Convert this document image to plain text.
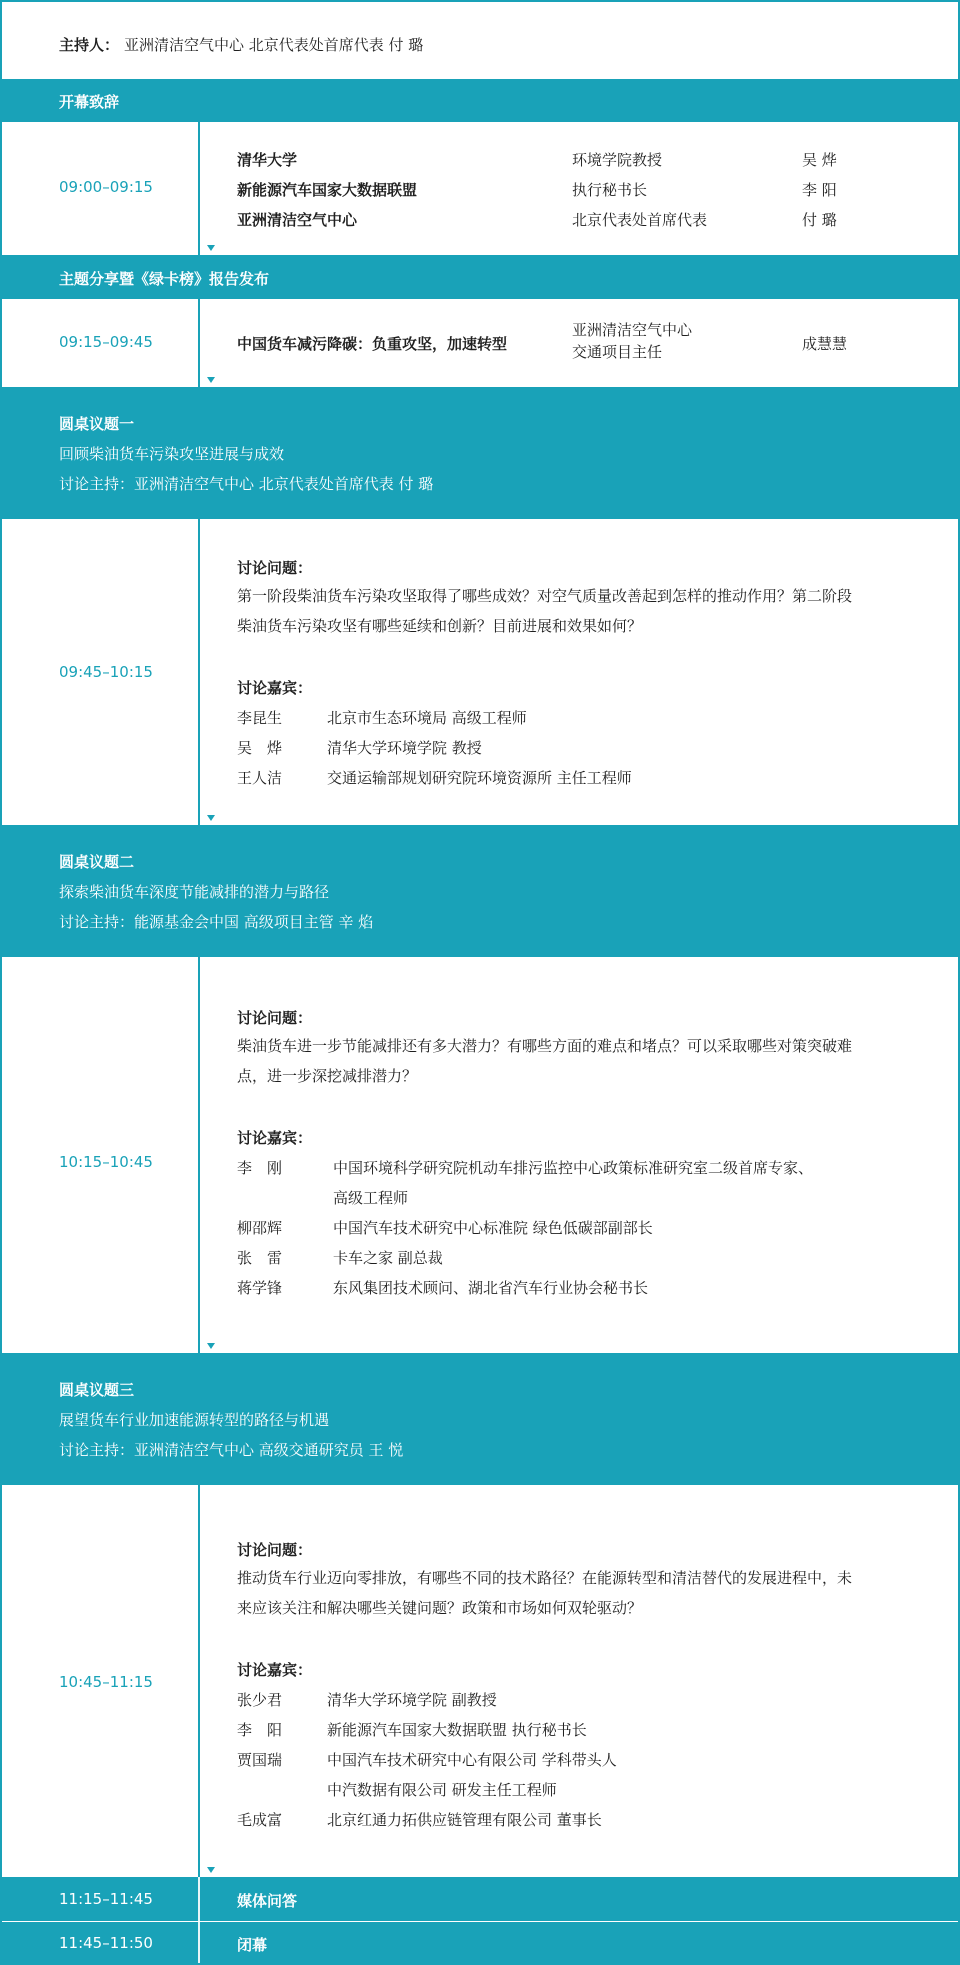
主持人： 亚洲清洁空气中心 北京代表处首席代表 付 璐
开幕致辞
09:00–09:15
清华大学	环境学院教授	吴 烨
新能源汽车国家大数据联盟	执行秘书长	李 阳
亚洲清洁空气中心	北京代表处首席代表	付 璐
主题分享暨《绿卡榜》报告发布
09:15–09:45	中国货车减污降碳：负重攻坚，加速转型
亚洲清洁空气中心
交通项目主任	成慧慧
圆桌议题一
回顾柴油货车污染攻坚进展与成效
讨论主持：亚洲清洁空气中心 北京代表处首席代表 付 璐
09:45–10:15
讨论问题：
第一阶段柴油货车污染攻坚取得了哪些成效？对空气质量改善起到怎样的推动作用？第二阶段柴油货车污染攻坚有哪些延续和创新？目前进展和效果如何？
讨论嘉宾：
李昆生	北京市生态环境局 高级工程师
吴　烨	清华大学环境学院 教授
王人洁	交通运输部规划研究院环境资源所 主任工程师
圆桌议题二
探索柴油货车深度节能减排的潜力与路径
讨论主持：能源基金会中国 高级项目主管 辛 焰
10:15–10:45
讨论问题：
柴油货车进一步节能减排还有多大潜力？有哪些方面的难点和堵点？可以采取哪些对策突破难点，进一步深挖减排潜力？
讨论嘉宾：
李　刚	中国环境科学研究院机动车排污监控中心政策标准研究室二级首席专家、
高级工程师
柳邵辉	中国汽车技术研究中心标准院 绿色低碳部副部长
张　雷	卡车之家 副总裁
蒋学锋	东风集团技术顾问、湖北省汽车行业协会秘书长
圆桌议题三
展望货车行业加速能源转型的路径与机遇
讨论主持：亚洲清洁空气中心 高级交通研究员 王 悦
10:45–11:15
讨论问题：
推动货车行业迈向零排放，有哪些不同的技术路径？在能源转型和清洁替代的发展进程中，未来应该关注和解决哪些关键问题？政策和市场如何双轮驱动？
讨论嘉宾：
张少君	清华大学环境学院 副教授
李　阳	新能源汽车国家大数据联盟 执行秘书长
贾国瑞	中国汽车技术研究中心有限公司 学科带头人
中汽数据有限公司 研发主任工程师
毛成富	北京红通力拓供应链管理有限公司 董事长
11:15–11:45	媒体问答
11:45–11:50	闭幕
